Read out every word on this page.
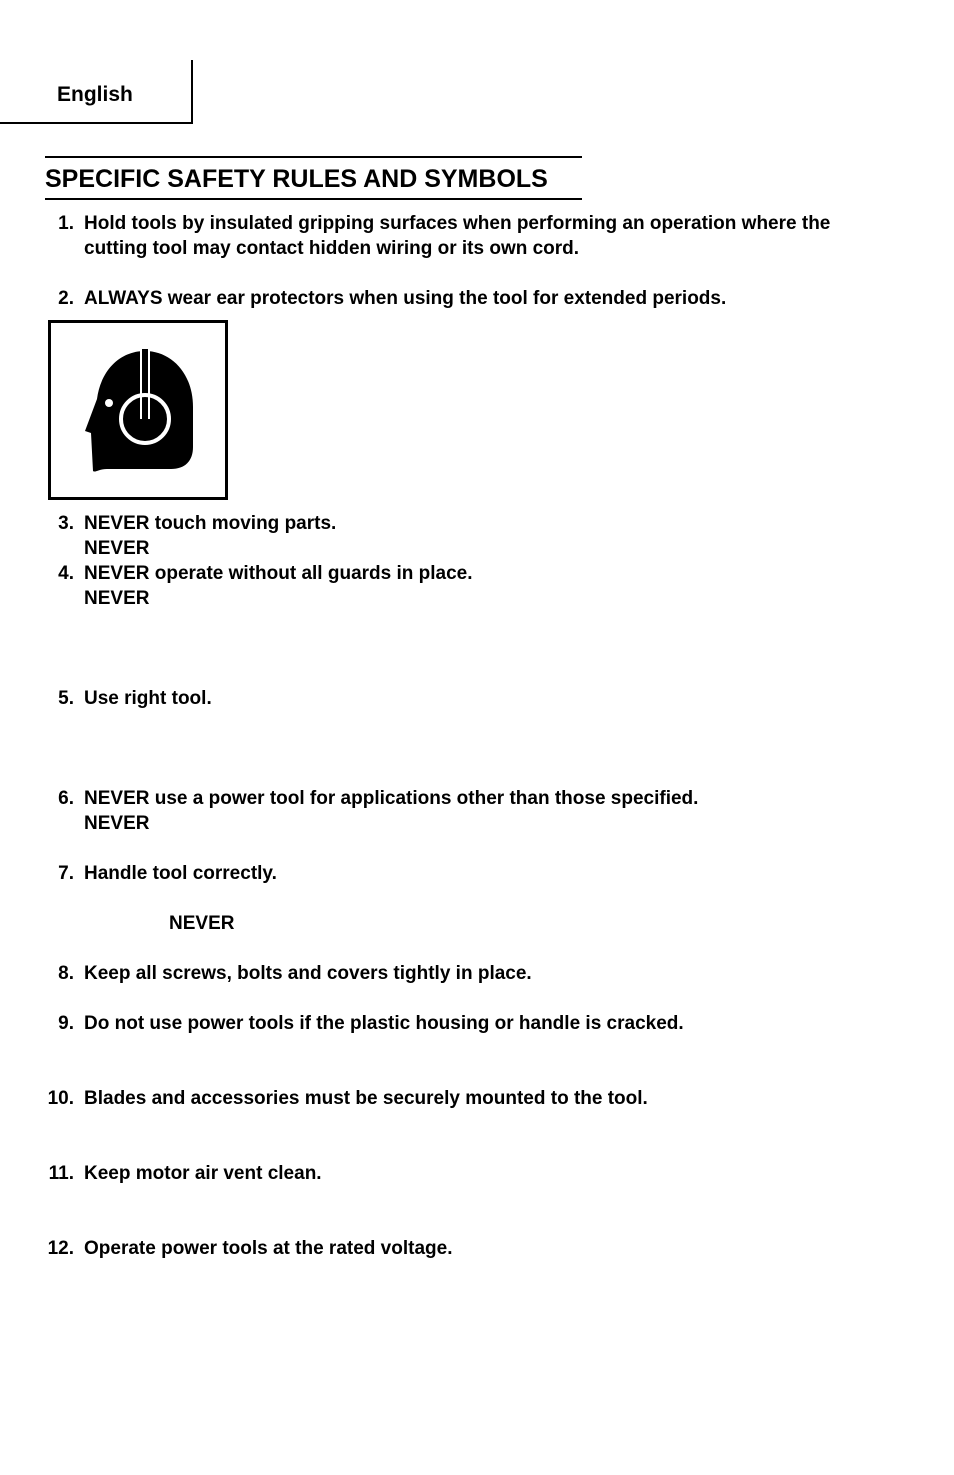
English
SPECIFIC SAFETY RULES AND SYMBOLS
1. Hold tools by insulated gripping surfaces when performing an operation where the
cutting tool may contact hidden wiring or its own cord.
2. ALWAYS wear ear protectors when using the tool for extended periods.
3. NEVER touch moving parts.
NEVER
4. NEVER operate without all guards in place.
NEVER
5. Use right tool.
6. NEVER use a power tool for applications other than those specified.
NEVER
7. Handle tool correctly.
NEVER
8. Keep all screws, bolts and covers tightly in place.
9. Do not use power tools if the plastic housing or handle is cracked.
10. Blades and accessories must be securely mounted to the tool.
11. Keep motor air vent clean.
12. Operate power tools at the rated voltage.
